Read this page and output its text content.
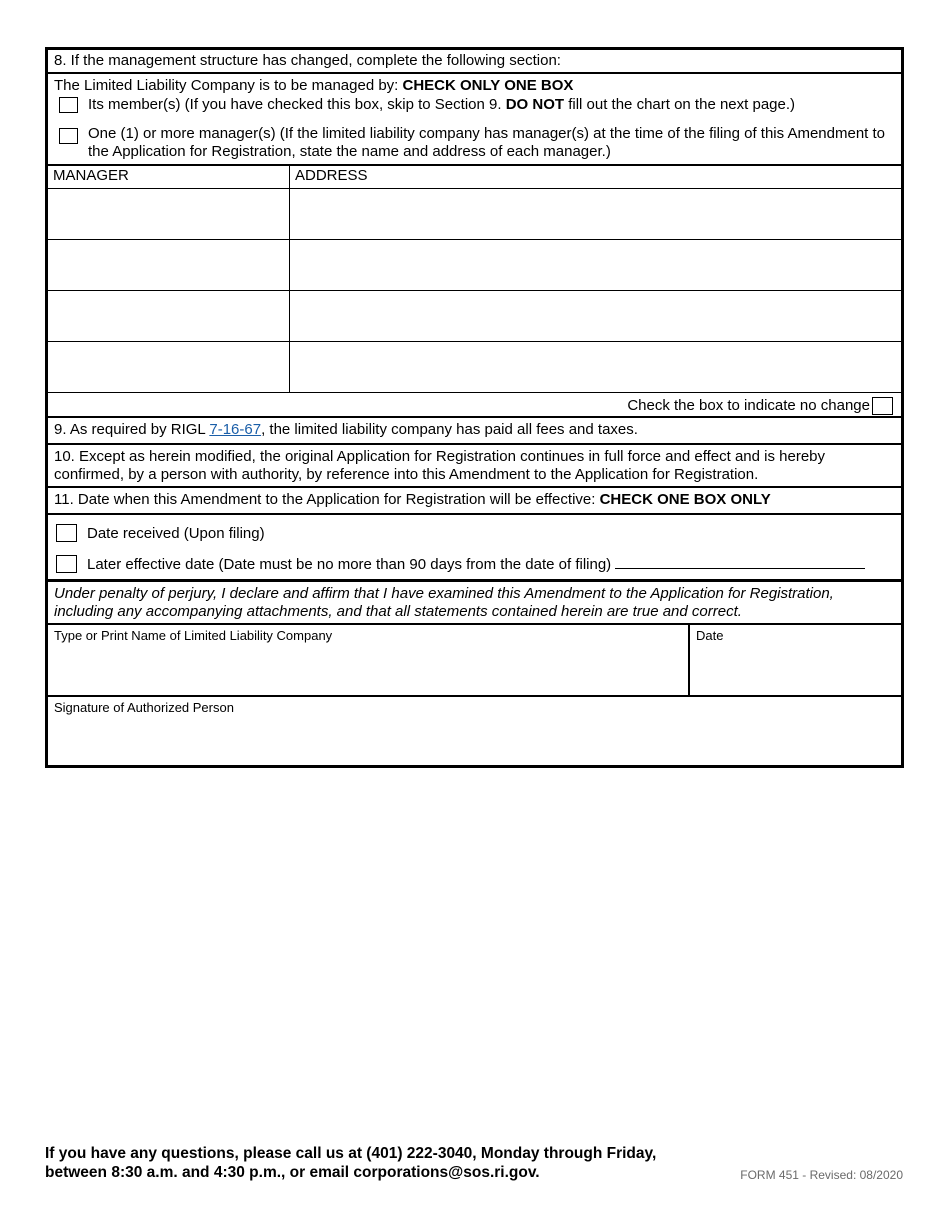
8. If the management structure has changed, complete the following section:
The Limited Liability Company is to be managed by: CHECK ONLY ONE BOX
Its member(s) (If you have checked this box, skip to Section 9. DO NOT fill out the chart on the next page.)
One (1) or more manager(s) (If the limited liability company has manager(s) at the time of the filing of this Amendment to the Application for Registration, state the name and address of each manager.)
MANAGER	ADDRESS

Check the box to indicate no change
9. As required by RIGL 7-16-67, the limited liability company has paid all fees and taxes.
10. Except as herein modified, the original Application for Registration continues in full force and effect and is hereby confirmed, by a person with authority, by reference into this Amendment to the Application for Registration.
11. Date when this Amendment to the Application for Registration will be effective: CHECK ONE BOX ONLY
Date received (Upon filing)
Later effective date (Date must be no more than 90 days from the date of filing)
Under penalty of perjury, I declare and affirm that I have examined this Amendment to the Application for Registration, including any accompanying attachments, and that all statements contained herein are true and correct.
Type or Print Name of Limited Liability Company	Date
Signature of Authorized Person
If you have any questions, please call us at (401) 222-3040, Monday through Friday,
between 8:30 a.m. and 4:30 p.m., or email corporations@sos.ri.gov.	FORM 451 - Revised: 08/2020
